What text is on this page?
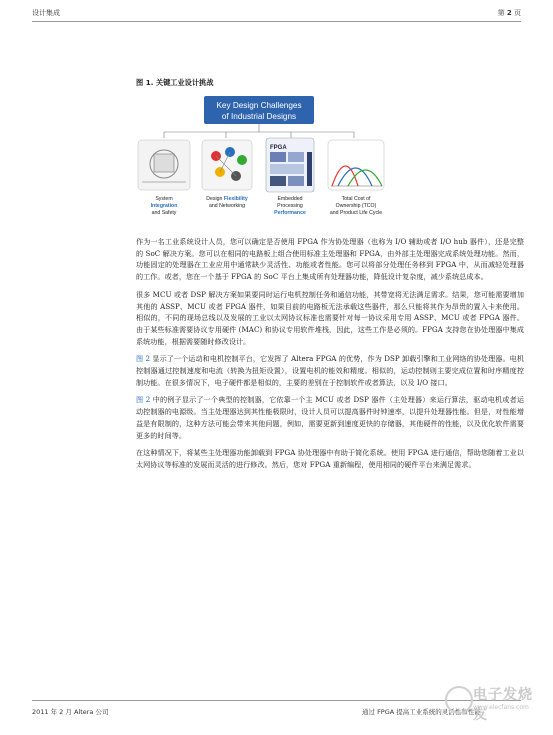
设计集成	第 2 页
图 1. 关键工业设计挑战
Key Design Challenges
of Industrial Designs
FPGA
System
Integration
and Safety
Design Flexibility
and Networking
Embedded
Processing
Performance
Total Cost of
Ownership (TCO)
and Product Life Cycle

作为一名工业系统设计人员，您可以确定是否使用 FPGA 作为协处理器（也称为 I/O 辅助或者 I/O hub 器件），还是完整的 SoC 解决方案。您可以在相同的电路板上组合使用标准主处理器和 FPGA，由外部主处理器完成系统处理功能。然而，功能固定的处理器在工业应用中通常缺少灵活性、功能或者性能。您可以将部分处理任务移到 FPGA 中，从而减轻处理器的工作。或者，您在一个基于 FPGA 的 SoC 平台上集成所有处理器功能，降低设计复杂度，减少系统总成本。

很多 MCU 或者 DSP 解决方案如果要同时运行电机控制任务和通信功能，其带宽将无法满足需求。结果，您可能需要增加其他的 ASSP、MCU 或者 FPGA 器件，如果目前的电路板无法承载这些器件，那么只能将其作为昂贵的置入卡来使用。相似的，不同的现场总线以及发展的工业以太网协议标准也需要针对每一协议采用专用 ASSP、MCU 或者 FPGA 器件。由于某些标准需要协议专用硬件 (MAC) 和协议专用软件堆栈，因此，这些工作是必须的。FPGA 支持您在协处理器中集成系统功能，根据需要随时修改设计。

图 2 显示了一个运动和电机控制平台，它发挥了 Altera FPGA 的优势，作为 DSP 卸载引擎和工业网络的协处理器。电机控制器通过控制速度和电流（转换为扭矩设置），设置电机的能效和精度。相似的，运动控制则主要完成位置和时序精度控制功能。在很多情况下，电子硬件都是相似的，主要的差别在于控制软件或者算法，以及 I/O 接口。

图 2 中的例子显示了一个典型的控制器，它依靠一个主 MCU 或者 DSP 器件（主处理器）来运行算法，驱动电机或者运动控制器的电源级。当主处理器达到其性能极限时，设计人员可以提高器件时钟速率，以提升处理器性能。但是，对性能增益是有限制的，这种方法可能会带来其他问题，例如，需要更新到速度更快的存储器，其他硬件的性能，以及优化软件需要更多的时间等。

在这种情况下，将某些主处理器功能卸载到 FPGA 协处理器中有助于简化系统。使用 FPGA 进行通信，帮助您随着工业以太网协议等标准的发展而灵活的进行修改。然后，您对 FPGA 重新编程，使用相同的硬件平台来满足需求。

2011 年 2 月 Altera 公司	通过 FPGA 提高工业系统的灵活性和性能
电子发烧友
www.elecfans.com
